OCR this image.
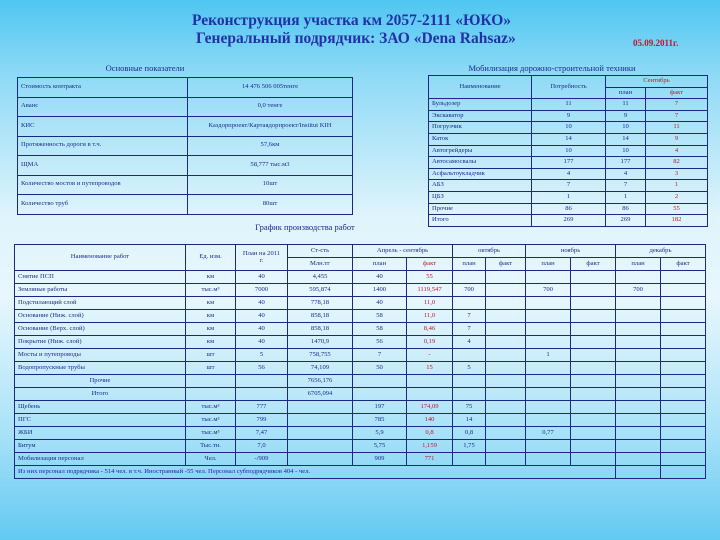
Реконструкция участка км 2057-2111 «ЮКО»
Генеральный подрядчик: ЗАО «Dena Rahsaz»	05.09.2011г.
Основные показатели
Стоимость контракта	14 476 506 005тенге
Аванс	0,0 тенге
КИС	Каздорпроект/Картаядорпроект/Institut KIH
Протяженность дороги в т.ч.	57,6км
ЩМА	58,777 тыс.м3
Количество мостов и путепроводов	10шт
Количество труб	80шт
Мобилизация дорожно-строительной техники
Наименование	Потребность	Сентябрь	
		план	факт
Бульдозер	11	11	7
Экскаватор	9	9	7
Погрузчик	10	10	11
Каток	14	14	9
Автогрейдеры	10	10	4
Автосамосвалы	177	177	82
Асфальтоукладчик	4	4	3
АБЗ	7	7	1
ЦБЗ	1	1	2
Прочие	86	86	55
Итого	269	269	182
График производства работ
Наименование работ	Ед. изм.	План на 2011 г.	Ст-сть	Апрель - сентябрь		октябрь		ноябрь		декабрь	
			Млн.тг	план	факт	план	факт	план	факт	план	факт
Снятие ПСП	км	40	4,455	40	55						
Земляные работы	тыс.м³	7000	595,874	1400	1119,547	700		700		700	
Подстилающий слой	км	40	778,18	40	11,0						
Основание (Ниж. слой)	км	40	858,18	58	11,0	7					
Основание (Верх. слой)	км	40	858,18	58	8,46	7					
Покрытие (Ниж. слой)	км	40	1470,9	56	0,19	4					
Мосты и путепроводы	шт	5	758,755	7	-			1			
Водопропускные трубы	шт	56	74,109	50	15	5					
Прочие			7656,176								
Итого			6705,094								
Щебень	тыс.м³	777		197	174,09	75					
ПГС	тыс.м³	799		785	140	14					
ЖБИ	тыс.м³	7,47		5,9	0,8	0,8		0,77			
Битум	Тыс.тн.	7,0		5,75	1,159	1,75					
Мобилизация персонал	Чел.	-/909		909	771						
Из них персонал подрядчика - 514 чел. в т.ч. Иностранный -55 чел. Персонал субподрядчиков 404 - чел.											
